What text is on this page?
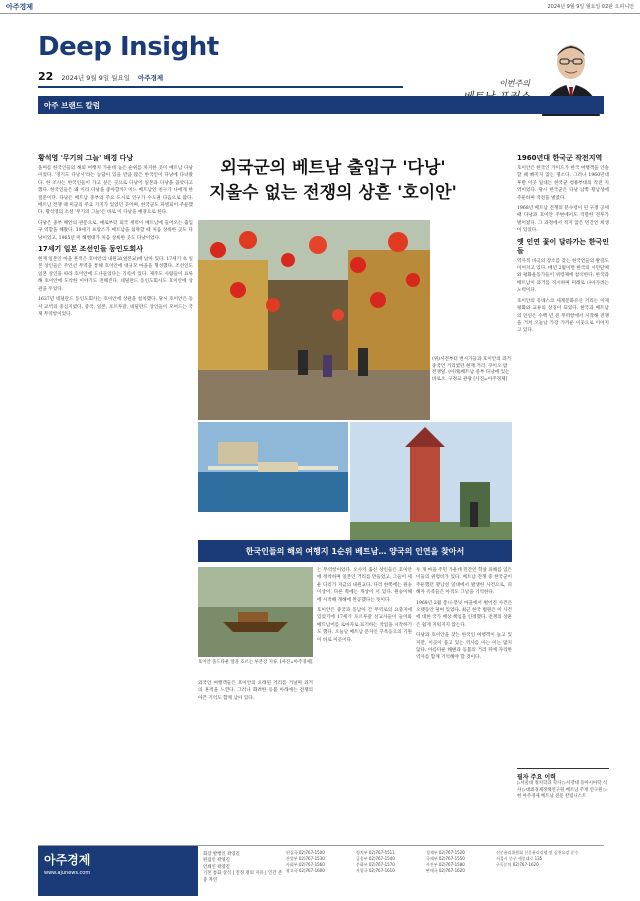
아주경제	2024년 9월 9일 월요일 02판 오피니언
Deep Insight
22 2024년 9월 9일 월요일 아주경제
이번주의
아주 브랜드 칼럼
황석영 '무기의 그늘' 배경 다낭

올여름 한국인들의 해외 여행지 가운데 높은 순위를 차지한 곳이 베트남 다낭이었다. '경기도 다낭시'라는 농담이 있을 만큼 많은 한국인이 다낭에 다녀왔다. 한 조사는 한국인들이 가고 싶은 곳으로 다낭이 일본과 다낭을 꼽았다고 했다. 한국인들은 왜 이리 다낭을 좋아할까? 어느 베트남인 친구가 나에게 한 질문이다. 다낭은 베트남 중부의 주요 도시로 인구가 수도권 다음으로 많다. 베트남 전쟁 때 미군의 주요 기지가 있었던 곳이며, 한국군도 파병되어 주둔했다. 황석영의 소설 '무기의 그늘'은 바로 이 다낭을 배경으로 한다.

다낭은 중부 해안의 관문으로, 예로부터 외국 세력이 베트남에 들어오는 출입구 역할을 해왔다. 19세기 프랑스가 베트남을 침략할 때 처음 상륙한 곳도 다낭이었고, 1965년 미 해병대가 처음 상륙한 곳도 다낭이었다.

17세기 일본 조선인들 동인도회사

현재 일본인 마을 흔적은 호이안의 내원교(일본교)에 남아 있다. 17세기 초 일본 상인들은 주인선 무역을 통해 호이안에 대규모 마을을 형성했다. 조선인도 일본 상인을 따라 호이안에 드나들었다는 기록이 있다. 제주도 사람들이 표류해 호이안에 도착한 이야기도 전해진다. 네덜란드 동인도회사도 호이안에 상관을 두었다.

1637년 네덜란드 동인도회사는 호이안에 상관을 설치했다. 당시 호이안은 동서 교역의 중심지였다. 중국, 일본, 포르투갈, 네덜란드 상인들이 모여드는 국제 무역항이었다.

외국군의 베트남 출입구 '다낭'
지울수 없는 전쟁의 상흔 '호이안'
(위)시전부터 번시가들과 호이안의 과거 중국인 거리였던 현재 거리. 쿠이오 밤 전쟁일. (아래)베트남 중부 다낭에 있는 바로오. 구정교 관광 [사진=아주경제]
한국인들의 해외 여행지 1순위 베트남… 양국의 인연을 찾아서
호이안 올드타운 앞을 흐르는 투본강 지류. [사진=아주경제]

외국인 여행객들은 호이안의 오래된 거리를 거닐며 과거의 흔적을 느낀다. 그러나 화려한 등불 아래에는 전쟁의 아픈 기억도 함께 남아 있다.

는 무역항이었다. 오사카 출신 상인들은 호이안에 정착하며 일본인 거리를 만들었고, 그들이 세운 다리가 지금의 내원교다. 다리 한쪽에는 원숭이상이, 다른 쪽에는 개상이 서 있다. 원숭이해에 시작해 개해에 완공했다는 뜻이다.

호이안은 중국과 동남아 간 무역로의 요충지에 있었기에 17세기 포르투갈 선교사들이 들어와 베트남어를 로마자로 표기하는 작업을 시작하기도 했다. 오늘날 베트남 문자인 꾸옥응으의 기원이 바로 이곳이다.

두 개 마을 주민 가운데 민간인 학살 피해를 입은 이들의 위령비가 있다. 베트남 전쟁 중 한국군이 주둔했던 꽝남성 일대에서 발생한 사건으로, 피해자 유족들은 아직도 그날을 기억한다.

1968년 2월 퐁니·퐁넛 마을에서 벌어진 사건은 오랫동안 덮여 있었다. 최근 한국 법원은 이 사건에 대한 국가 배상 책임을 인정했다. 전쟁의 상흔은 쉽게 지워지지 않는다.

다낭과 호이안을 찾는 한국인 여행객이 늘고 있지만, 이곳이 품고 있는 역사를 아는 이는 많지 않다. 아름다운 해변과 등불의 거리 뒤에 자리한 역사를 함께 기억해야 할 것이다.

1960년대 한국군 작전지역

호이안은 한국인 가이드가 한국 여행객을 인솔할 때 빠지지 않는 명소다. 그러나 1960년대 후반 이곳 일대는 한국군 청룡부대의 작전 지역이었다. 당시 한국군은 다낭 남쪽 꽝남성에 주둔하며 작전을 벌였다.

1968년 베트남 전쟁의 분수령이 된 구정 공세 때 다낭과 호이안 주변에서도 격렬한 전투가 벌어졌다. 그 과정에서 적지 않은 민간인 희생이 있었다.

옛 인연 꽃이 달라가는 한국인들

역사적 비극의 장소를 찾는 한국인들의 발길도 이어지고 있다. 매년 2월이면 한국의 시민단체와 평화운동가들이 위령제에 참석한다. 한국과 베트남이 과거를 직시하며 미래로 나아가려는 노력이다.

호이안의 유네스코 세계문화유산 거리는 이제 평화와 교류의 상징이 되었다. 한국과 베트남의 인연은 수백 년 전 무역항에서 시작해 전쟁을 거쳐 오늘날 가장 가까운 이웃으로 이어지고 있다.

필자 주요 이력
▷서울대 정치학과 학사 ▷서강대 동아시아학 석사 ▷대외경제정책연구원 베트남 주재 연구원 ▷현 아주경제 베트남 전문 칼럼니스트
아주경제
www.ajunews.com
회장 발행인 곽영길
편집인 곽영길
인쇄인 곽영길
기본 통화 상식 | 진정 정의 지유 | 인간 존중 자연
편집국 02)767-1500	정치부 02)767-1511	경제부 02)767-1520
산업부 02)767-1530	금융부 02)767-1540	국제부 02)767-1550
사회부 02)767-1560	문화부 02)767-1570	사진부 02)767-1580
광고국 02)767-1600	사업국 02)767-1610	판매국 02)767-1620
신문윤리위원회 신문윤리강령 및 실천요강 준수
서울시 중구 세종대로 135
구독문의 02)767-1620
